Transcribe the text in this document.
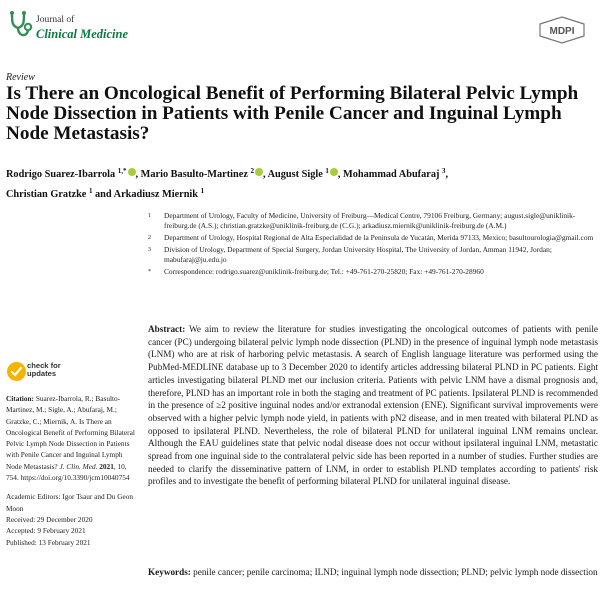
Journal of
Clinical Medicine	MDPI
Review
Is There an Oncological Benefit of Performing Bilateral Pelvic Lymph Node Dissection in Patients with Penile Cancer and Inguinal Lymph Node Metastasis?
Rodrigo Suarez-Ibarrola $^{1,*}$ , Mario Basulto-Martinez $^2$ , August Sigle $^1$ , Mohammad Abufaraj $^3$,
Christian Gratzke $^1$ and Arkadiusz Miernik $^1$
1	Department of Urology, Faculty of Medicine, University of Freiburg—Medical Centre, 79106 Freiburg, Germany; august.sigle@uniklinik-freiburg.de (A.S.); christian.gratzke@uniklinik-freiburg.de (C.G.); arkadiusz.miernik@uniklinik-freiburg.de (A.M.)
2	Department of Urology, Hospital Regional de Alta Especialidad de la Peninsula de Yucatán, Merida 97133, Mexico; basultourologia@gmail.com
3	Division of Urology, Department of Special Surgery, Jordan University Hospital, The University of Jordan, Amman 11942, Jordan; mabufaraj@ju.edu.jo
*	Correspondence: rodrigo.suarez@uniklinik-freiburg.de; Tel.: +49-761-270-25820; Fax: +49-761-270-28960
check for
updates
Citation: Suarez-Ibarrola, R.; Basulto-Martinez, M.; Sigle, A.; Abufaraj, M.; Gratzke, C.; Miernik, A. Is There an Oncological Benefit of Performing Bilateral Pelvic Lymph Node Dissection in Patients with Penile Cancer and Inguinal Lymph Node Metastasis? J. Clin. Med. 2021, 10, 754. https://doi.org/10.3390/jcm10040754
Academic Editors: Igor Tsaur and Du Geon Moon
Received: 29 December 2020
Accepted: 9 February 2021
Published: 13 February 2021
Abstract: We aim to review the literature for studies investigating the oncological outcomes of patients with penile cancer (PC) undergoing bilateral pelvic lymph node dissection (PLND) in the presence of inguinal lymph node metastasis (LNM) who are at risk of harboring pelvic metastasis. A search of English language literature was performed using the PubMed-MEDLINE database up to 3 December 2020 to identify articles addressing bilateral PLND in PC patients. Eight articles investigating bilateral PLND met our inclusion criteria. Patients with pelvic LNM have a dismal prognosis and, therefore, PLND has an important role in both the staging and treatment of PC patients. Ipsilateral PLND is recommended in the presence of ≥2 positive inguinal nodes and/or extranodal extension (ENE). Significant survival improvements were observed with a higher pelvic lymph node yield, in patients with pN2 disease, and in men treated with bilateral PLND as opposed to ipsilateral PLND. Nevertheless, the role of bilateral PLND for unilateral inguinal LNM remains unclear. Although the EAU guidelines state that pelvic nodal disease does not occur without ipsilateral inguinal LNM, metastatic spread from one inguinal side to the contralateral pelvic side has been reported in a number of studies. Further studies are needed to clarify the disseminative pattern of LNM, in order to establish PLND templates according to patients' risk profiles and to investigate the benefit of performing bilateral PLND for unilateral inguinal disease.
Keywords: penile cancer; penile carcinoma; ILND; inguinal lymph node dissection; PLND; pelvic lymph node dissection
